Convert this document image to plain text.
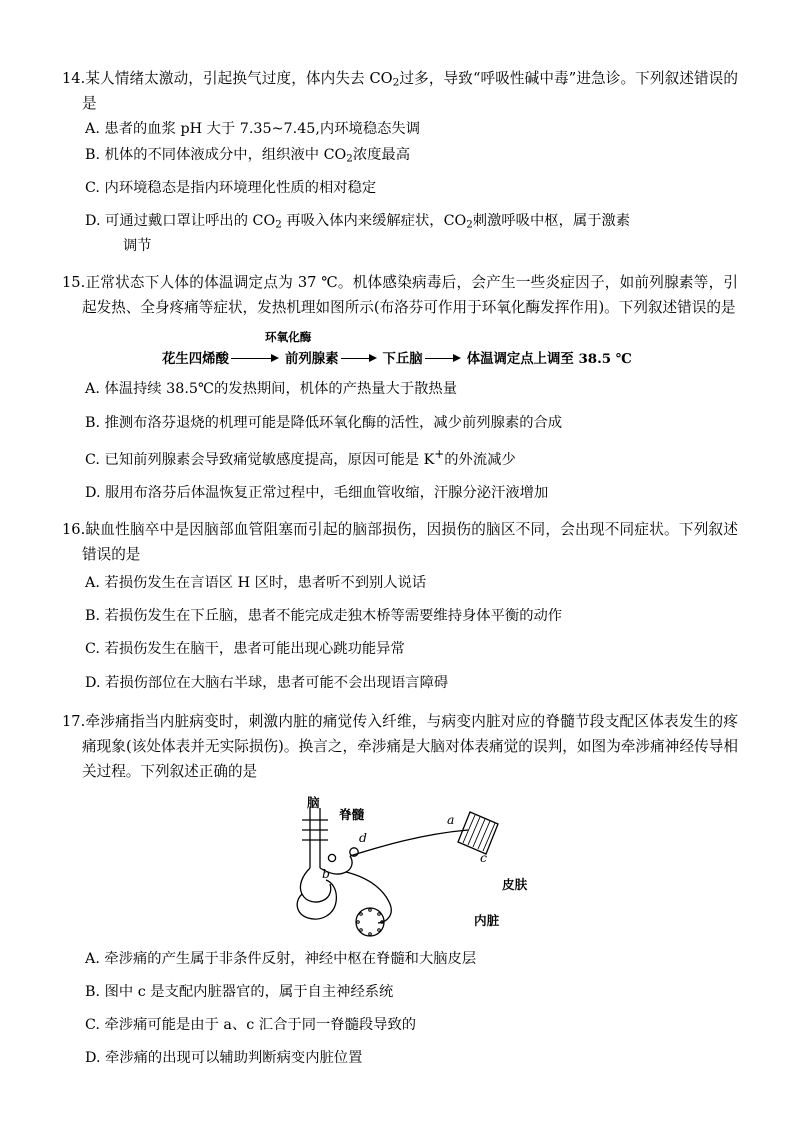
14.某人情绪太激动，引起换气过度，体内失去 $CO_2$过多，导致“呼吸性碱中毒”进急诊。下列叙述错误的是
A. 患者的血浆 pH 大于 7.35~7.45,内环境稳态失调
B. 机体的不同体液成分中，组织液中 $CO_2$浓度最高
C. 内环境稳态是指内环境理化性质的相对稳定
D. 可通过戴口罩让呼出的 $CO_2$ 再吸入体内来缓解症状，$CO_2$刺激呼吸中枢，属于激素
调节
15.正常状态下人体的体温调定点为 37 ℃。机体感染病毒后，会产生一些炎症因子，如前列腺素等，引起发热、全身疼痛等症状，发热机理如图所示(布洛芬可作用于环氧化酶发挥作用)。下列叙述错误的是
环氧化酶
花生四烯酸	前列腺素	下丘脑	体温调定点上调至 38.5 ℃
A. 体温持续 38.5℃的发热期间，机体的产热量大于散热量
B. 推测布洛芬退烧的机理可能是降低环氧化酶的活性，减少前列腺素的合成
C. 已知前列腺素会导致痛觉敏感度提高，原因可能是 K+的外流减少
D. 服用布洛芬后体温恢复正常过程中，毛细血管收缩，汗腺分泌汗液增加
16.缺血性脑卒中是因脑部血管阻塞而引起的脑部损伤，因损伤的脑区不同，会出现不同症状。下列叙述错误的是
A. 若损伤发生在言语区 H 区时，患者听不到别人说话
B. 若损伤发生在下丘脑，患者不能完成走独木桥等需要维持身体平衡的动作
C. 若损伤发生在脑干，患者可能出现心跳功能异常
D. 若损伤部位在大脑右半球，患者可能不会出现语言障碍
17.牵涉痛指当内脏病变时，刺激内脏的痛觉传入纤维，与病变内脏对应的脊髓节段支配区体表发生的疼痛现象(该处体表并无实际损伤)。换言之，牵涉痛是大脑对体表痛觉的误判，如图为牵涉痛神经传导相关过程。下列叙述正确的是
脑
脊髓
皮肤
内脏
a
b
c
d
A. 牵涉痛的产生属于非条件反射，神经中枢在脊髓和大脑皮层
B. 图中 c 是支配内脏器官的，属于自主神经系统
C. 牵涉痛可能是由于 a、c 汇合于同一脊髓段导致的
D. 牵涉痛的出现可以辅助判断病变内脏位置
